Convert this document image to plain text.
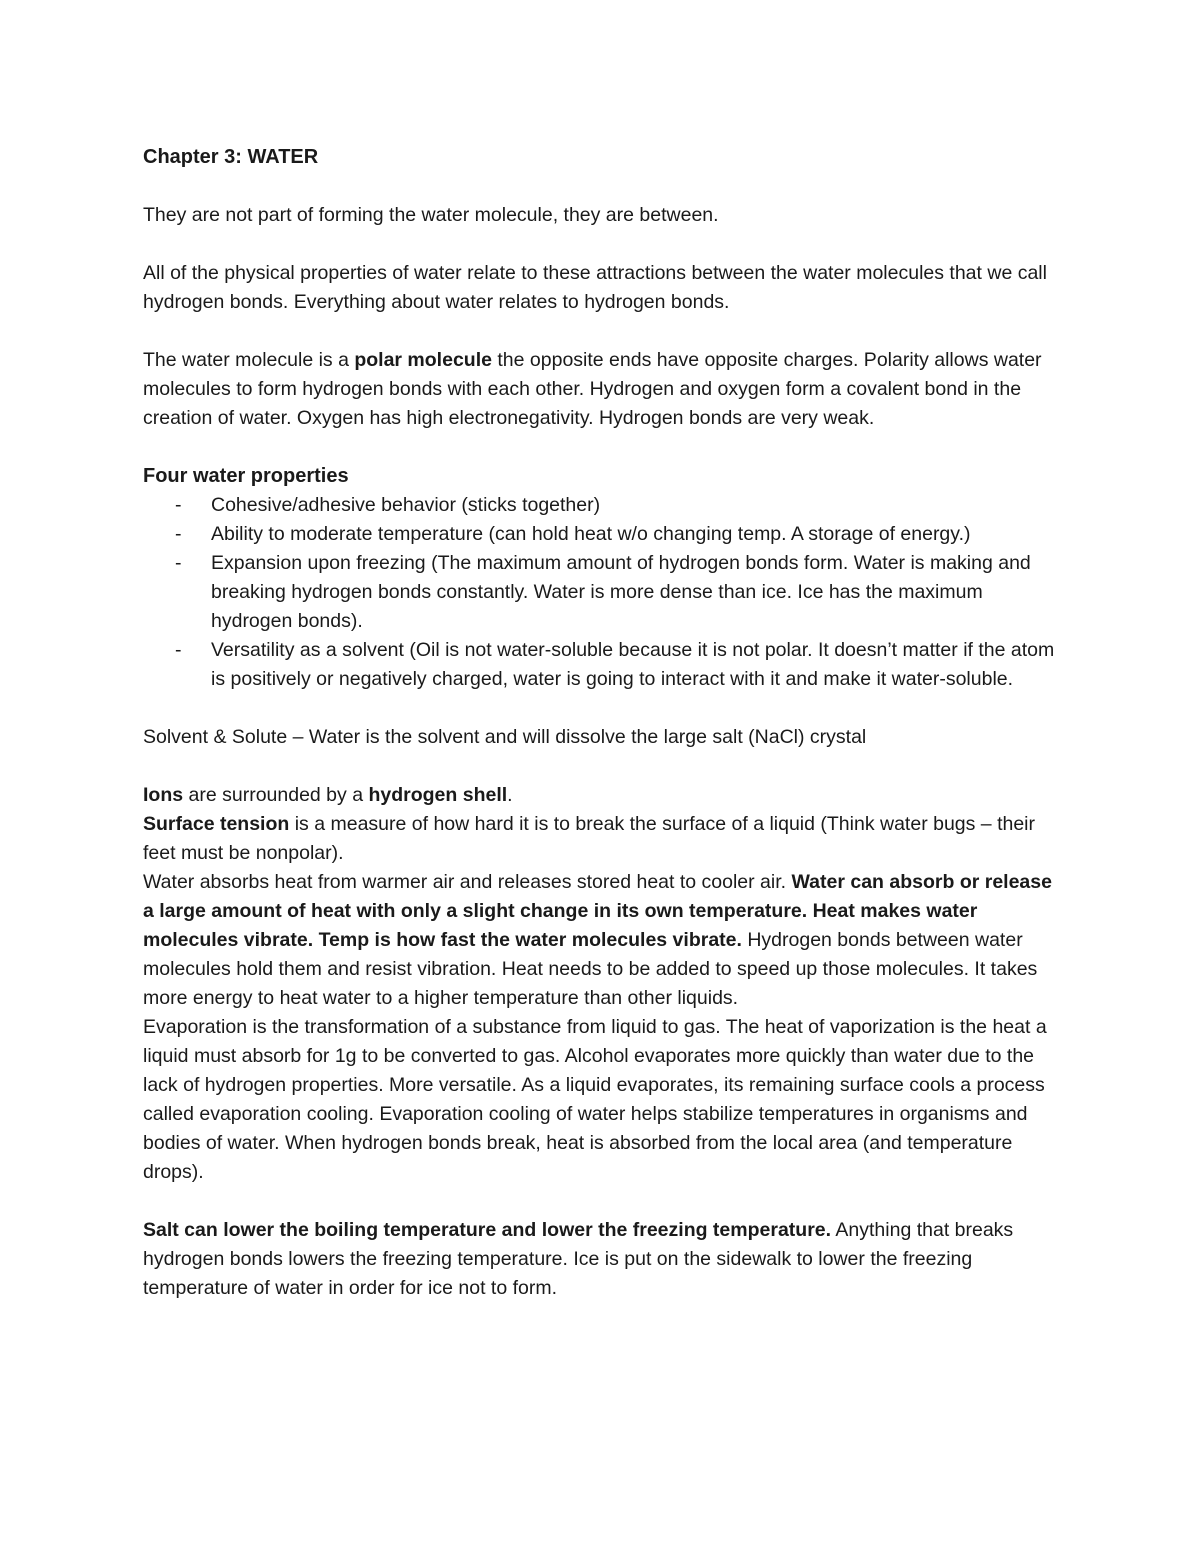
Chapter 3: WATER

They are not part of forming the water molecule, they are between.

All of the physical properties of water relate to these attractions between the water molecules that we call hydrogen bonds. Everything about water relates to hydrogen bonds.

The water molecule is a polar molecule the opposite ends have opposite charges. Polarity allows water molecules to form hydrogen bonds with each other. Hydrogen and oxygen form a covalent bond in the creation of water. Oxygen has high electronegativity. Hydrogen bonds are very weak.

Four water properties

- Cohesive/adhesive behavior (sticks together)
- Ability to moderate temperature (can hold heat w/o changing temp. A storage of energy.)
- Expansion upon freezing (The maximum amount of hydrogen bonds form. Water is making and breaking hydrogen bonds constantly. Water is more dense than ice. Ice has the maximum hydrogen bonds).
- Versatility as a solvent (Oil is not water-soluble because it is not polar. It doesn’t matter if the atom is positively or negatively charged, water is going to interact with it and make it water-soluble.

Solvent & Solute – Water is the solvent and will dissolve the large salt (NaCl) crystal

Ions are surrounded by a hydrogen shell.

Surface tension is a measure of how hard it is to break the surface of a liquid (Think water bugs – their feet must be nonpolar).

Water absorbs heat from warmer air and releases stored heat to cooler air. Water can absorb or release a large amount of heat with only a slight change in its own temperature. Heat makes water molecules vibrate. Temp is how fast the water molecules vibrate. Hydrogen bonds between water molecules hold them and resist vibration. Heat needs to be added to speed up those molecules. It takes more energy to heat water to a higher temperature than other liquids.

Evaporation is the transformation of a substance from liquid to gas. The heat of vaporization is the heat a liquid must absorb for 1g to be converted to gas. Alcohol evaporates more quickly than water due to the lack of hydrogen properties. More versatile. As a liquid evaporates, its remaining surface cools a process called evaporation cooling. Evaporation cooling of water helps stabilize temperatures in organisms and bodies of water. When hydrogen bonds break, heat is absorbed from the local area (and temperature drops).

Salt can lower the boiling temperature and lower the freezing temperature. Anything that breaks hydrogen bonds lowers the freezing temperature. Ice is put on the sidewalk to lower the freezing temperature of water in order for ice not to form.
